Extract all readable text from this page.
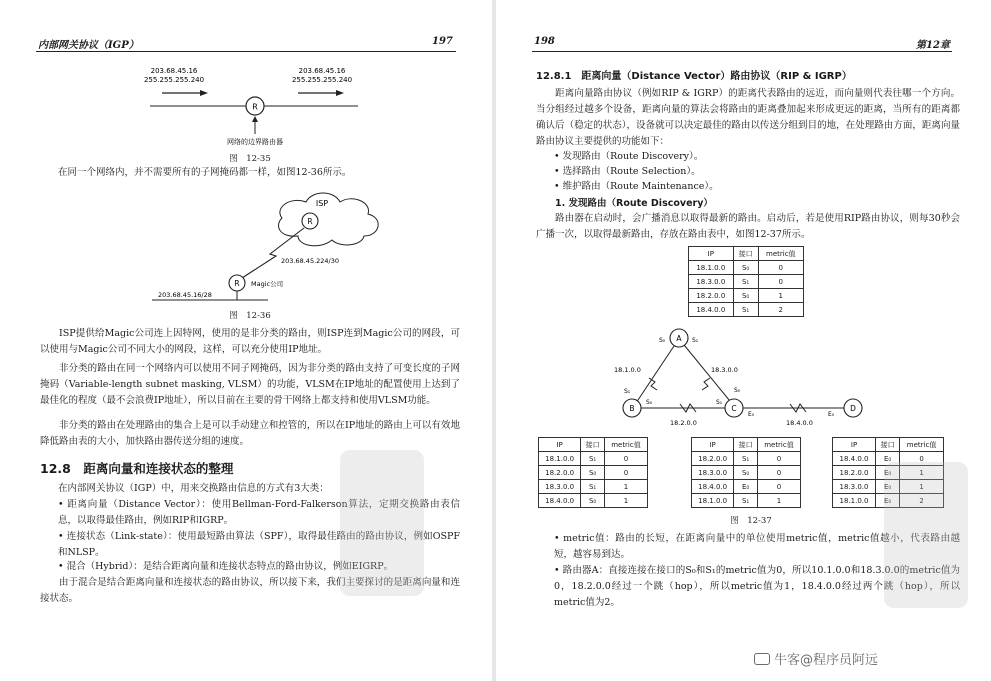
内部网关协议（IGP）	197
R
203.68.45.16
255.255.255.240
203.68.45.16
255.255.255.240
网络的边界路由器
图　12-35
在同一个网络内，并不需要所有的子网掩码都一样，如图12-36所示。
ISP
R
R
203.68.45.224/30
Magic公司
203.68.45.16/28
图　12-36
ISP提供给Magic公司连上因特网，使用的是非分类的路由，则ISP连到Magic公司的网段，可以使用与Magic公司不同大小的网段，这样，可以充分使用IP地址。
非分类的路由在同一个网络内可以使用不同子网掩码，因为非分类的路由支持了可变长度的子网掩码（Variable-length subnet masking, VLSM）的功能，VLSM在IP地址的配置使用上达到了最佳化的程度（最不会浪费IP地址），所以目前在主要的骨干网络上都支持和使用VLSM功能。
非分类的路由在处理路由的集合上是可以手动建立和控管的，所以在IP地址的路由上可以有效地降低路由表的大小，加快路由器传送分组的速度。
12.8　距离向量和连接状态的整理
在内部网关协议（IGP）中，用来交换路由信息的方式有3大类：
• 距离向量（Distance Vector）：使用Bellman-Ford-Falkerson算法，定期交换路由表信息，以取得最佳路由，例如RIP和IGRP。
• 连接状态（Link-state）：使用最短路由算法（SPF），取得最佳路由的路由协议，例如OSPF和NLSP。
• 混合（Hybrid）：是结合距离向量和连接状态特点的路由协议，例如EIGRP。
由于混合是结合距离向量和连接状态的路由协议，所以接下来，我们主要探讨的是距离向量和连接状态。
198	第12章
12.8.1　距离向量（Distance Vector）路由协议（RIP & IGRP）
距离向量路由协议（例如RIP & IGRP）的距离代表路由的远近，而向量则代表往哪一个方向。当分组经过越多个设备，距离向量的算法会将路由的距离叠加起来形成更远的距离，当所有的距离都确认后（稳定的状态），设备就可以决定最佳的路由以传送分组到目的地，在处理路由方面，距离向量路由协议主要提供的功能如下：
• 发现路由（Route Discovery）。
• 选择路由（Route Selection）。
• 维护路由（Route Maintenance）。
1. 发现路由（Route Discovery）
路由器在启动时，会广播消息以取得最新的路由。启动后，若是使用RIP路由协议，则每30秒会广播一次，以取得最新路由，存放在路由表中，如图12-37所示。
IP	接口	metric值
18.1.0.0	S₀	0
18.3.0.0	S₁	0
18.2.0.0	S₀	1
18.4.0.0	S₁	2
A
B	C	D
S₀	S₁
S₁
S₀
S₀
S₁
E₀	E₀
18.1.0.0	18.3.0.0
18.2.0.0	18.4.0.0
IP	接口	metric值
18.1.0.0	S₁	0
18.2.0.0	S₀	0
18.3.0.0	S₁	1
18.4.0.0	S₀	1
IP	接口	metric值
18.2.0.0	S₁	0
18.3.0.0	S₀	0
18.4.0.0	E₀	0
18.1.0.0	S₁	1
IP	接口	metric值
18.4.0.0	E₀	0
18.2.0.0	E₀	1
18.3.0.0	E₀	1
18.1.0.0	E₀	2
图　12-37
• metric值：路由的长短，在距离向量中的单位使用metric值，metric值越小，代表路由越短，越容易到达。
• 路由器A：直接连接在接口的S₀和S₁的metric值为0，所以10.1.0.0和18.3.0.0的metric值为0，18.2.0.0经过一个跳（hop），所以metric值为1，18.4.0.0经过两个跳（hop），所以metric值为2。
牛客@程序员阿远
